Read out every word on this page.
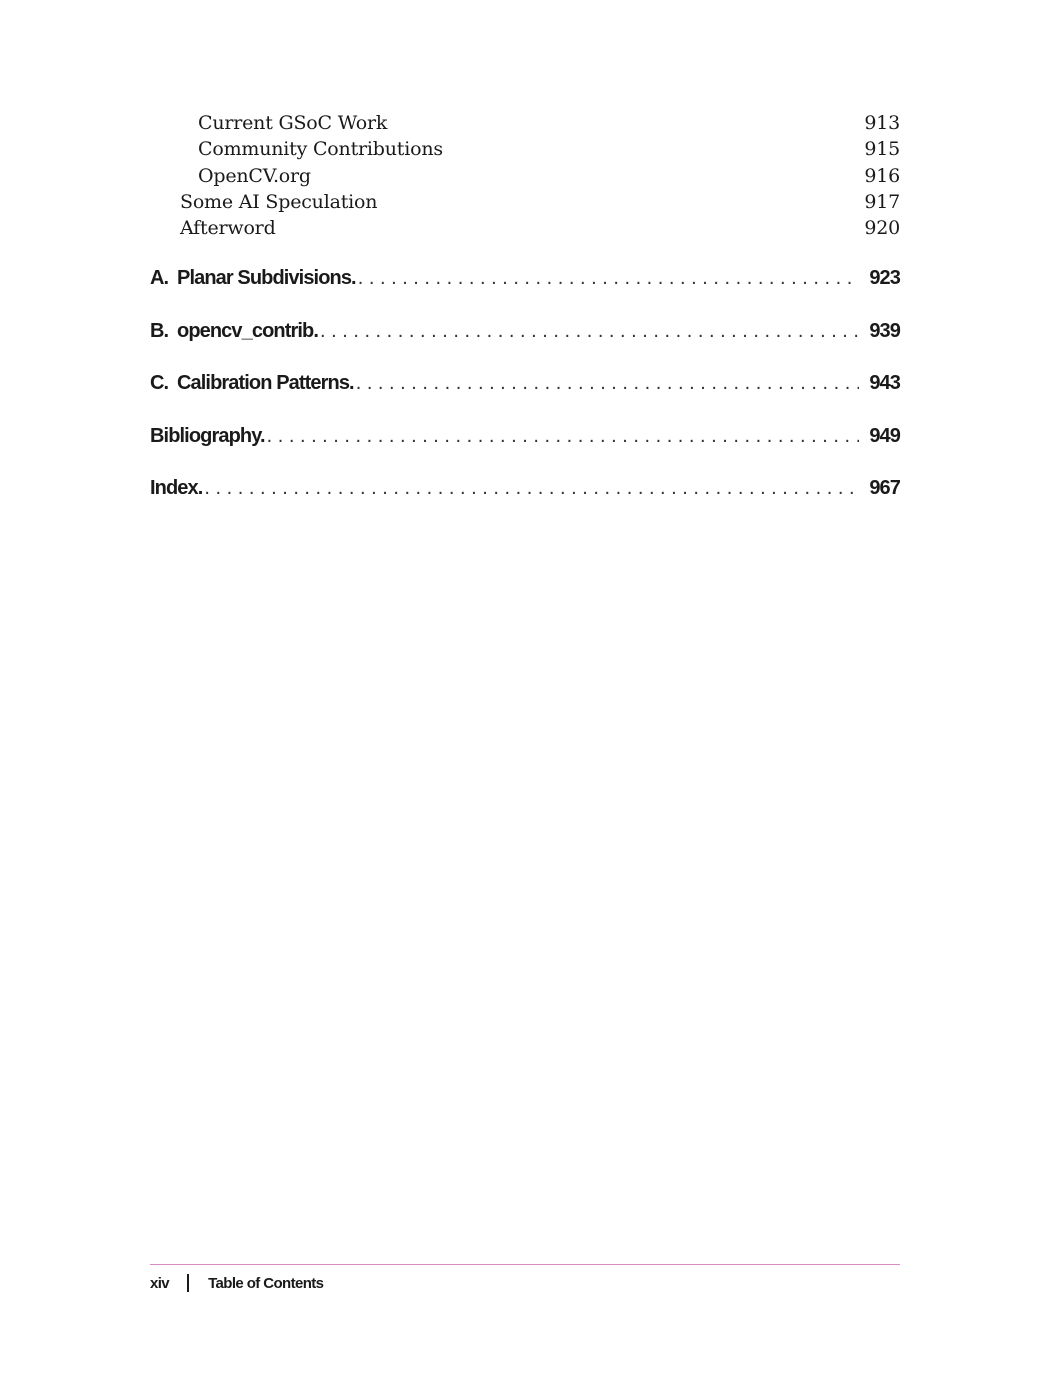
Current GSoC Work	913
Community Contributions	915
OpenCV.org	916
Some AI Speculation	917
Afterword	920
A. Planar Subdivisions. . . .	923
B. opencv_contrib. . . .	939
C. Calibration Patterns. . . .	943
Bibliography. . . .	949
Index. . . .	967
xiv	Table of Contents
